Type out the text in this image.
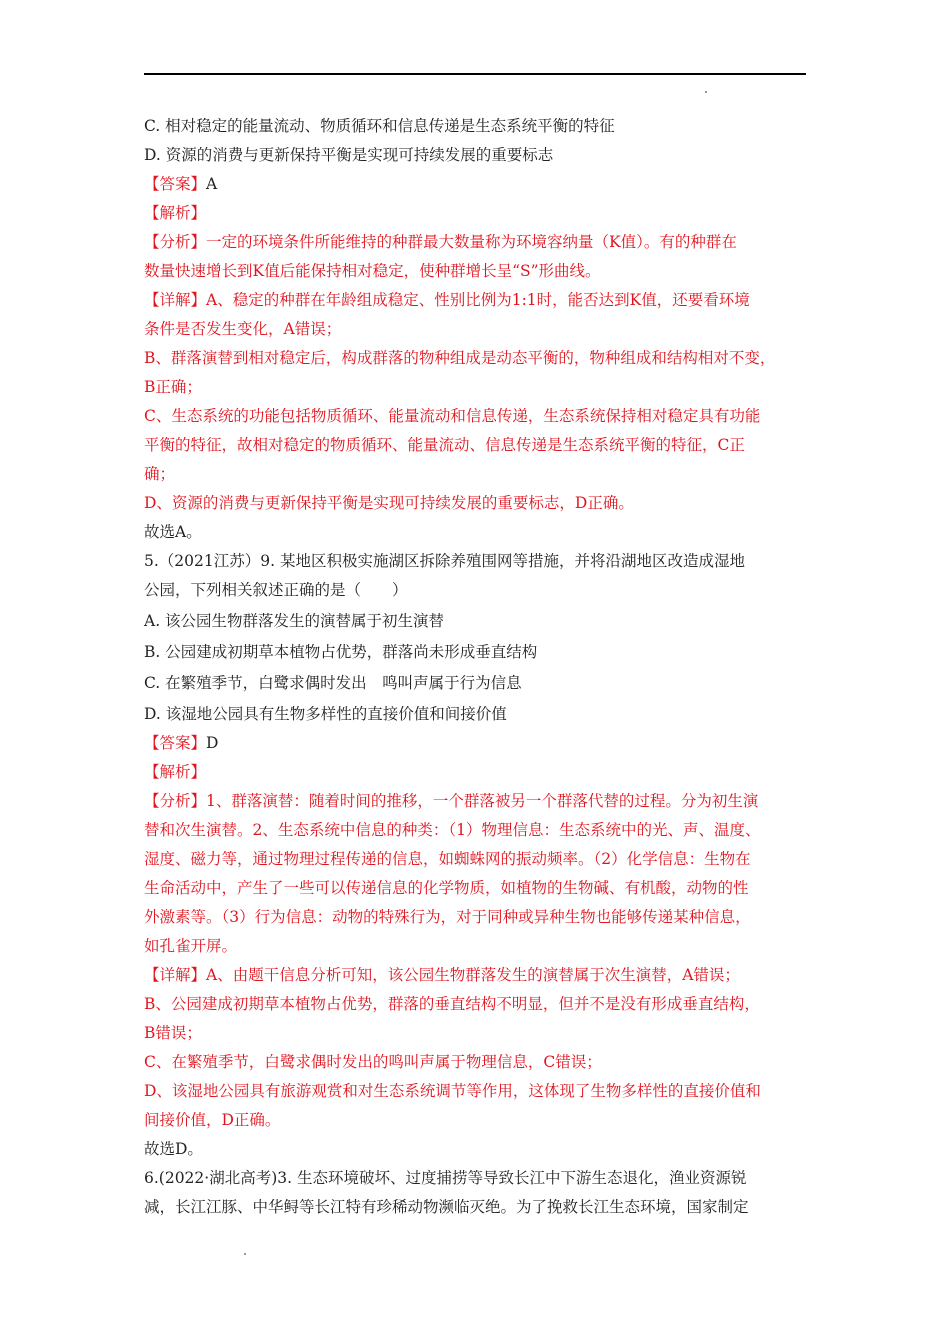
C. 相对稳定的能量流动、物质循环和信息传递是生态系统平衡的特征

D. 资源的消费与更新保持平衡是实现可持续发展的重要标志

【答案】A

【解析】

【分析】一定的环境条件所能维持的种群最大数量称为环境容纳量（K值）。有的种群在

数量快速增长到K值后能保持相对稳定，使种群增长呈“S”形曲线。

【详解】A、稳定的种群在年龄组成稳定、性别比例为1:1时，能否达到K值，还要看环境

条件是否发生变化，A错误；

B、群落演替到相对稳定后，构成群落的物种组成是动态平衡的，物种组成和结构相对不变，

B正确；

C、生态系统的功能包括物质循环、能量流动和信息传递，生态系统保持相对稳定具有功能

平衡的特征，故相对稳定的物质循环、能量流动、信息传递是生态系统平衡的特征，C正

确；

D、资源的消费与更新保持平衡是实现可持续发展的重要标志，D正确。

故选A。

5.（2021江苏）9. 某地区积极实施湖区拆除养殖围网等措施，并将沿湖地区改造成湿地

公园，下列相关叙述正确的是（　　）

A. 该公园生物群落发生的演替属于初生演替

B. 公园建成初期草本植物占优势，群落尚未形成垂直结构

C. 在繁殖季节，白鹭求偶时发出　鸣叫声属于行为信息

D. 该湿地公园具有生物多样性的直接价值和间接价值

【答案】D

【解析】

【分析】1、群落演替：随着时间的推移，一个群落被另一个群落代替的过程。分为初生演

替和次生演替。2、生态系统中信息的种类：（1）物理信息：生态系统中的光、声、温度、

湿度、磁力等，通过物理过程传递的信息，如蜘蛛网的振动频率。（2）化学信息：生物在

生命活动中，产生了一些可以传递信息的化学物质，如植物的生物碱、有机酸，动物的性

外激素等。（3）行为信息：动物的特殊行为，对于同种或异种生物也能够传递某种信息，

如孔雀开屏。

【详解】A、由题干信息分析可知，该公园生物群落发生的演替属于次生演替，A错误；

B、公园建成初期草本植物占优势，群落的垂直结构不明显，但并不是没有形成垂直结构，

B错误；

C、在繁殖季节，白鹭求偶时发出的鸣叫声属于物理信息，C错误；

D、该湿地公园具有旅游观赏和对生态系统调节等作用，这体现了生物多样性的直接价值和

间接价值，D正确。

故选D。

6.(2022·湖北高考)3. 生态环境破坏、过度捕捞等导致长江中下游生态退化，渔业资源锐

减，长江江豚、中华鲟等长江特有珍稀动物濒临灭绝。为了挽救长江生态环境，国家制定
